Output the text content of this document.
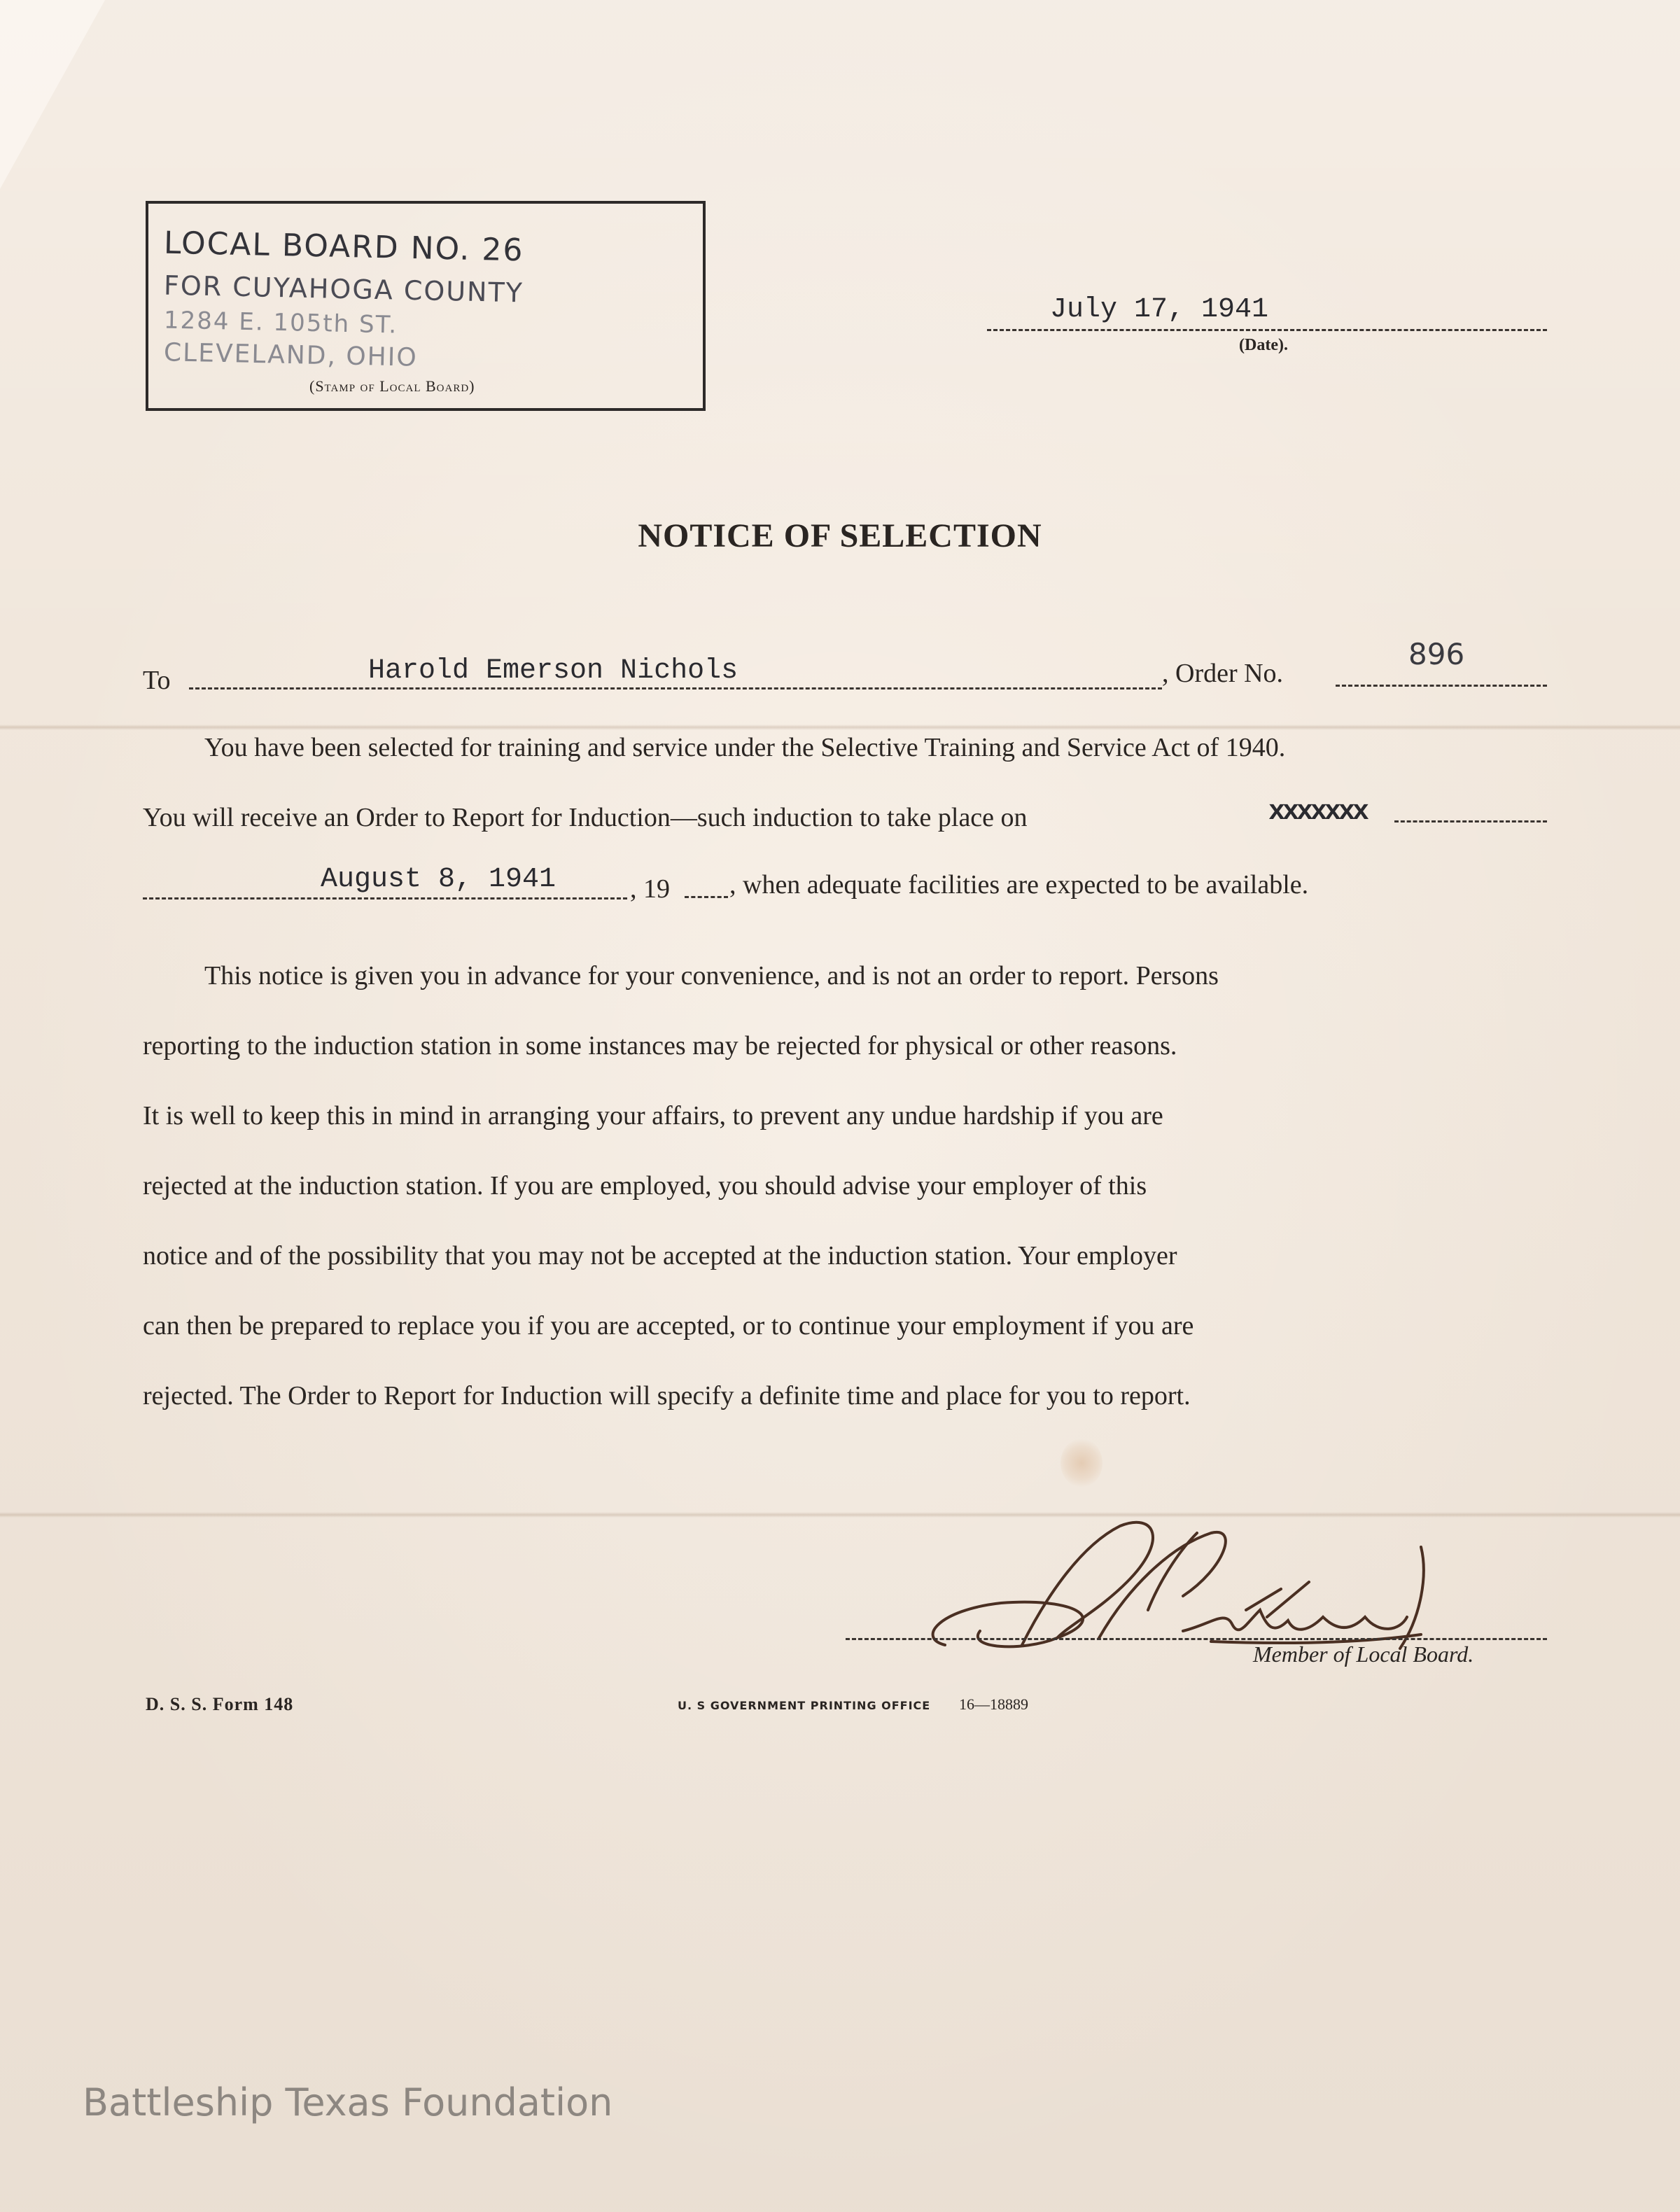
LOCAL BOARD NO. 26
FOR CUYAHOGA COUNTY
1284 E. 105th ST.
CLEVELAND, OHIO
(Stamp of Local Board)
July 17, 1941
(Date).
NOTICE OF SELECTION
To	Harold Emerson Nichols	, Order No.
896
You have been selected for training and service under the Selective Training and Service Act of 1940.
You will receive an Order to Report for Induction—such induction to take place on	xxxxxxx
August 8, 1941	, 19 , when adequate facilities are expected to be available.
This notice is given you in advance for your convenience, and is not an order to report. Persons
reporting to the induction station in some instances may be rejected for physical or other reasons.
It is well to keep this in mind in arranging your affairs, to prevent any undue hardship if you are
rejected at the induction station. If you are employed, you should advise your employer of this
notice and of the possibility that you may not be accepted at the induction station. Your employer
can then be prepared to replace you if you are accepted, or to continue your employment if you are
rejected. The Order to Report for Induction will specify a definite time and place for you to report.
Member of Local Board.
D. S. S. Form 148	U. S GOVERNMENT PRINTING OFFICE 16—18889
Battleship Texas Foundation
